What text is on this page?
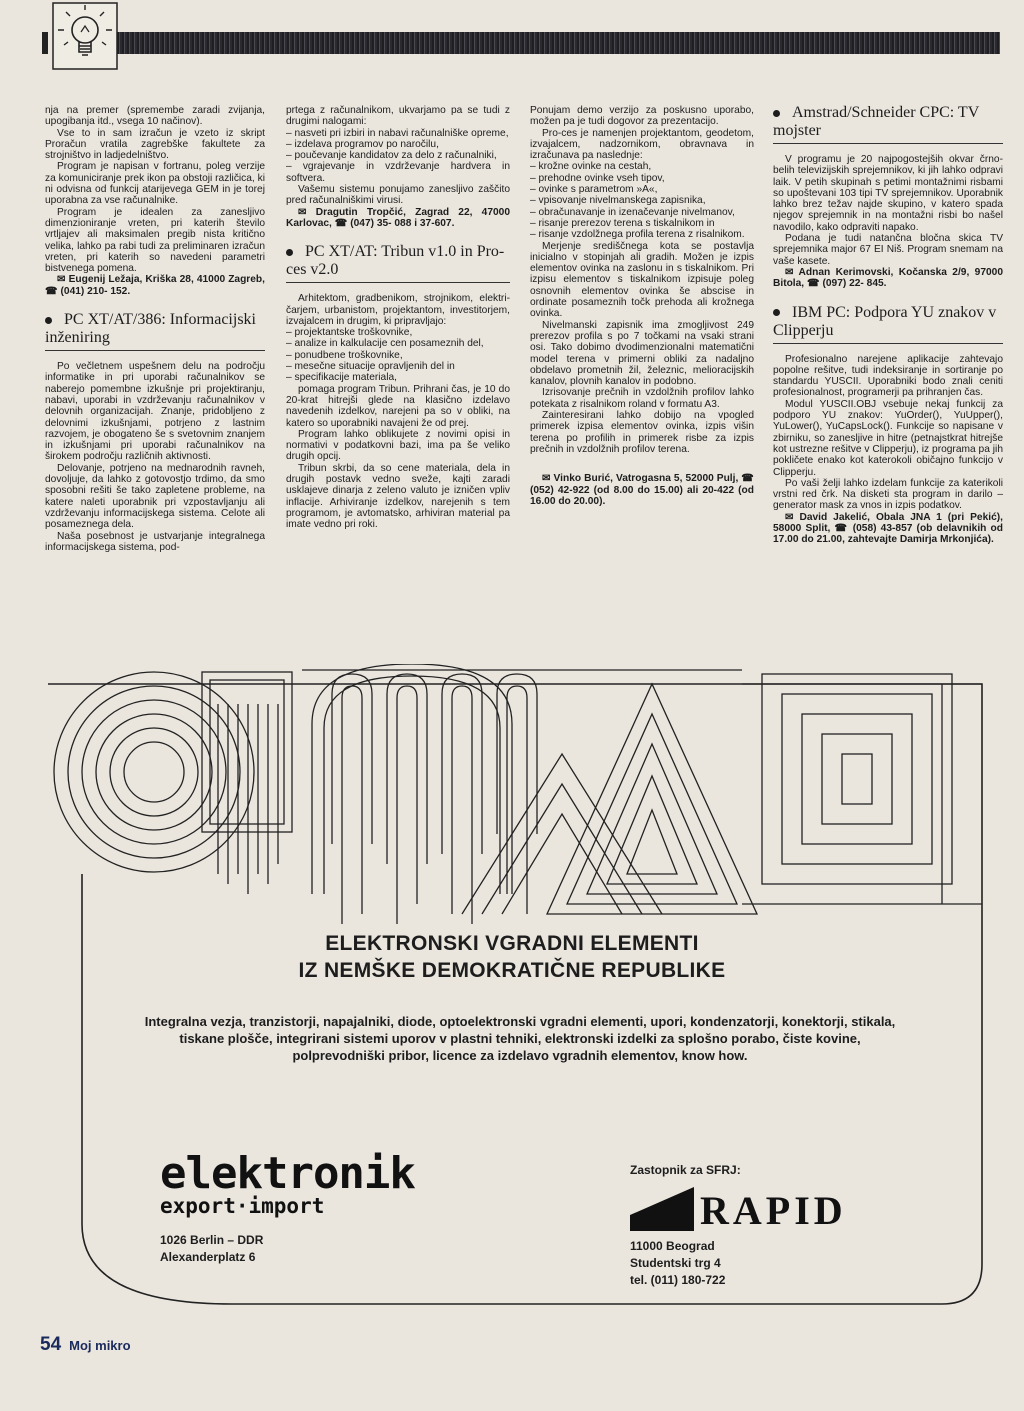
nja na premer (spremembe zaradi zvijanja, upogibanja itd., vsega 10 načinov).

Vse to in sam izračun je vzeto iz skript Proračun vratila zagrebške fakultete za strojništvo in ladjedelništvo.

Program je napisan v fortranu, poleg verzije za komuniciranje prek ikon pa obstoji različica, ki ni odvisna od funkcij atarijevega GEM in je torej uporabna za vse računalnike.

Program je idealen za zanesljivo dimenzioniranje vreten, pri katerih število vrtljajev ali maksimalen pregib nista kritično velika, lahko pa rabi tudi za preliminaren izračun vreten, pri katerih so navedeni parametri bistvenega pomena.

✉ Eugenij Ležaja, Kriška 28, 41000 Zagreb, ☎ (041) 210- 152.

PC XT/AT/386: Informacijski inženiring

Po večletnem uspešnem delu na področju informatike in pri uporabi računalnikov se naberejo pomembne izkušnje pri projektiranju, nabavi, uporabi in vzdrževanju računalnikov v delovnih organizacijah. Znanje, pridobljeno z delovnimi izkušnjami, potrjeno z lastnim razvojem, je obogateno še s svetovnim znanjem in izkušnjami pri uporabi računalnikov na širokem področju različnih aktivnosti.

Delovanje, potrjeno na mednarodnih ravneh, dovoljuje, da lahko z gotovostjo trdimo, da smo sposobni rešiti še tako zapletene probleme, na katere naleti uporabnik pri vzpostavljanju ali vzdrževanju informacijskega sistema. Celote ali posameznega dela.

Naša posebnost je ustvarjanje integralnega informacijskega sistema, pod-

prtega z računalnikom, ukvarjamo pa se tudi z drugimi nalogami:

– nasveti pri izbiri in nabavi računalniške opreme,

– izdelava programov po naročilu,

– poučevanje kandidatov za delo z računalniki,

– vgrajevanje in vzdrževanje hardvera in softvera.

Vašemu sistemu ponujamo zanesljivo zaščito pred računalniškimi virusi.

✉ Dragutin Tropčić, Zagrad 22, 47000 Karlovac, ☎ (047) 35- 088 i 37-607.

PC XT/AT: Tribun v1.0 in Pro-ces v2.0

Arhitektom, gradbenikom, strojnikom, električarjem, urbanistom, projektantom, investitorjem, izvajalcem in drugim, ki pripravljajo:

– projektantske troškovnike,

– analize in kalkulacije cen posameznih del,

– ponudbene troškovnike,

– mesečne situacije opravljenih del in

– specifikacije materiala,

pomaga program Tribun. Prihrani čas, je 10 do 20-krat hitrejši glede na klasično izdelavo navedenih izdelkov, narejeni pa so v obliki, na katero so uporabniki navajeni že od prej.

Program lahko oblikujete z novimi opisi in normativi v podatkovni bazi, ima pa še veliko drugih opcij.

Tribun skrbi, da so cene materiala, dela in drugih postavk vedno sveže, kajti zaradi usklajeve dinarja z zeleno valuto je izničen vpliv inflacije. Arhiviranje izdelkov, narejenih s tem programom, je avtomatsko, arhiviran material pa imate vedno pri roki.

Ponujam demo verzijo za poskusno uporabo, možen pa je tudi dogovor za prezentacijo.

Pro-ces je namenjen projektantom, geodetom, izvajalcem, nadzornikom, obravnava in izračunava pa naslednje:

– krožne ovinke na cestah,

– prehodne ovinke vseh tipov,

– ovinke s parametrom »A«,

– vpisovanje nivelmanskega zapisnika,

– obračunavanje in izenačevanje nivelmanov,

– risanje prerezov terena s tiskalnikom in

– risanje vzdolžnega profila terena z risalnikom.

Merjenje središčnega kota se postavlja inicialno v stopinjah ali gradih. Možen je izpis elementov ovinka na zaslonu in s tiskalnikom. Pri izpisu elementov s tiskalnikom izpisuje poleg osnovnih elementov ovinka še abscise in ordinate posameznih točk prehoda ali krožnega ovinka.

Nivelmanski zapisnik ima zmogljivost 249 prerezov profila s po 7 točkami na vsaki strani osi. Tako dobimo dvodimenzionalni matematični model terena v primerni obliki za nadaljno obdelavo prometnih žil, železnic, melioracijskih kanalov, plovnih kanalov in podobno.

Izrisovanje prečnih in vzdolžnih profilov lahko potekata z risalnikom roland v formatu A3.

Zainteresirani lahko dobijo na vpogled primerek izpisa elementov ovinka, izpis višin terena po profilih in primerek risbe za izpis prečnih in vzdolžnih profilov terena.

✉ Vinko Burić, Vatrogasna 5, 52000 Pulj, ☎ (052) 42-922 (od 8.00 do 15.00) ali 20-422 (od 16.00 do 20.00).

Amstrad/Schneider CPC: TV mojster

V programu je 20 najpogostejših okvar črno-belih televizijskih sprejemnikov, ki jih lahko odpravi laik. V petih skupinah s petimi montažnimi risbami so upoštevani 103 tipi TV sprejemnikov. Uporabnik lahko brez težav najde skupino, v katero spada njegov sprejemnik in na montažni risbi bo našel navodilo, kako odpraviti napako.

Podana je tudi natančna bločna skica TV sprejemnika major 67 EI Niš. Program snemam na vaše kasete.

✉ Adnan Kerimovski, Kočanska 2/9, 97000 Bitola, ☎ (097) 22- 845.

IBM PC: Podpora YU znakov v Clipperju

Profesionalno narejene aplikacije zahtevajo popolne rešitve, tudi indeksiranje in sortiranje po standardu YUSCII. Uporabniki bodo znali ceniti profesionalnost, programerji pa prihranjen čas.

Modul YUSCII.OBJ vsebuje nekaj funkcij za podporo YU znakov: YuOrder(), YuUpper(), YuLower(), YuCapsLock(). Funkcije so napisane v zbirniku, so zanesljive in hitre (petnajstkrat hitrejše kot ustrezne rešitve v Clipperju), iz programa pa jih pokličete enako kot katerokoli običajno funkcijo v Clipperju.

Po vaši želji lahko izdelam funkcije za katerikoli vrstni red črk. Na disketi sta program in darilo – generator mask za vnos in izpis podatkov.

✉ David Jakelić, Obala JNA 1 (pri Pekić), 58000 Split, ☎ (058) 43-857 (ob delavnikih od 17.00 do 21.00, zahtevajte Damirja Mrkonjića).

ELEKTRONSKI VGRADNI ELEMENTI
IZ NEMŠKE DEMOKRATIČNE REPUBLIKE
Integralna vezja, tranzistorji, napajalniki, diode, optoelektronski vgradni elementi, upori, kondenzatorji, konektorji, stikala, tiskane plošče, integrirani sistemi uporov v plastni tehniki, elektronski izdelki za splošno porabo, čiste kovine, polprevodniški pribor, licence za izdelavo vgradnih elementov, know how.
elektronik
export·import
1026 Berlin – DDR
Alexanderplatz 6
Zastopnik za SFRJ:
RAPID
11000 Beograd
Studentski trg 4
tel. (011) 180-722
54 Moj mikro
